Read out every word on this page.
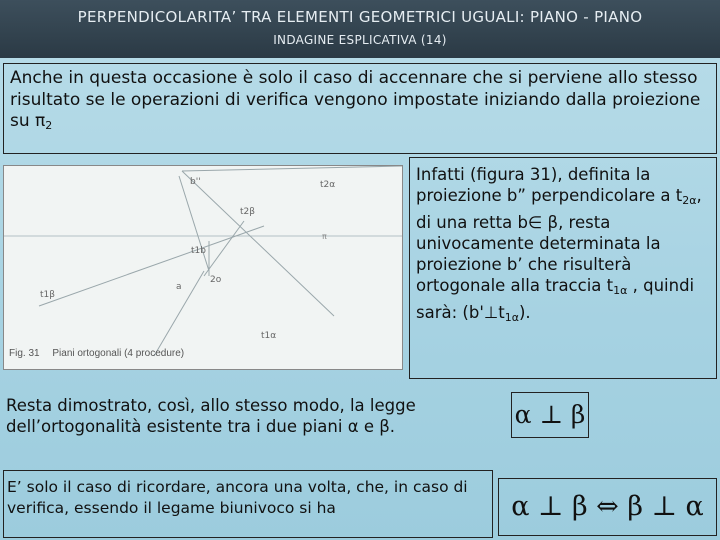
PERPENDICOLARITA’ TRA ELEMENTI GEOMETRICI UGUALI: PIANO - PIANO
INDAGINE ESPLICATIVA (14)
Anche in questa occasione è solo il caso di accennare che si perviene allo stesso risultato se le operazioni di verifica vengono impostate iniziando dalla proiezione su $\pi_2$
b''	t2α
t2β
t1b
t1β
2o
a
t1α
π
Fig. 31 Piani ortogonali (4 procedure)
Infatti (figura 31), definita la proiezione b” perpendicolare a $t_{2\alpha}$, di una retta b∈ β, resta univocamente determinata la proiezione b’ che risulterà ortogonale alla traccia $t_{1\alpha}$ , quindi sarà: $(b'\perp t_{1\alpha})$.
Resta dimostrato, così, allo stesso modo, la legge dell’ortogonalità esistente tra i due piani α e β.	α ⊥ β
E’ solo il caso di ricordare, ancora una volta, che, in caso di verifica, essendo il legame biunivoco si ha	α ⊥ β ⇔ β ⊥ α
